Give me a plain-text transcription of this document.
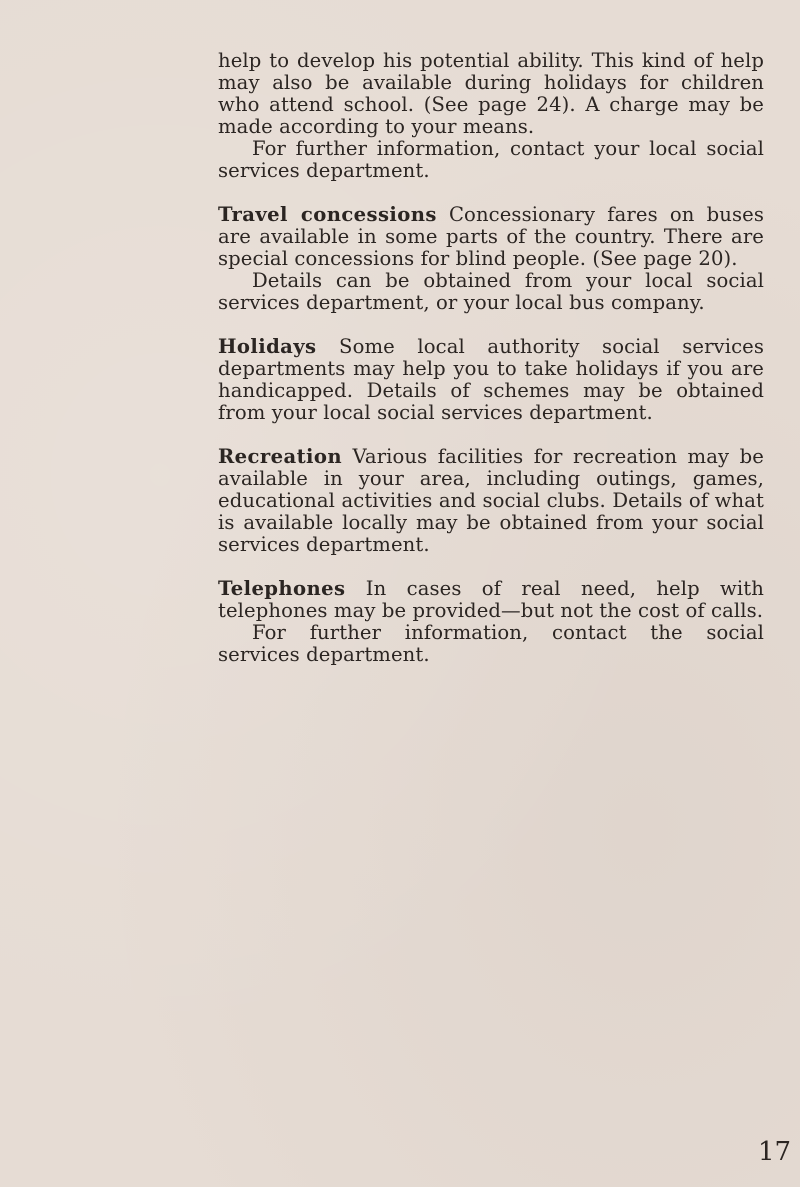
help to develop his potential ability. This kind of help may also be available during holidays for children who attend school. (See page 24). A charge may be made according to your means.

For further information, contact your local social services department.

Travel concessions Concessionary fares on buses are available in some parts of the country. There are special concessions for blind people. (See page 20).

Details can be obtained from your local social services department, or your local bus company.

Holidays Some local authority social services departments may help you to take holidays if you are handicapped. Details of schemes may be obtained from your local social services department.

Recreation Various facilities for recreation may be available in your area, including outings, games, educational activities and social clubs. Details of what is available locally may be obtained from your social services department.

Telephones In cases of real need, help with telephones may be provided—but not the cost of calls.

For further information, contact the social services department.

17
